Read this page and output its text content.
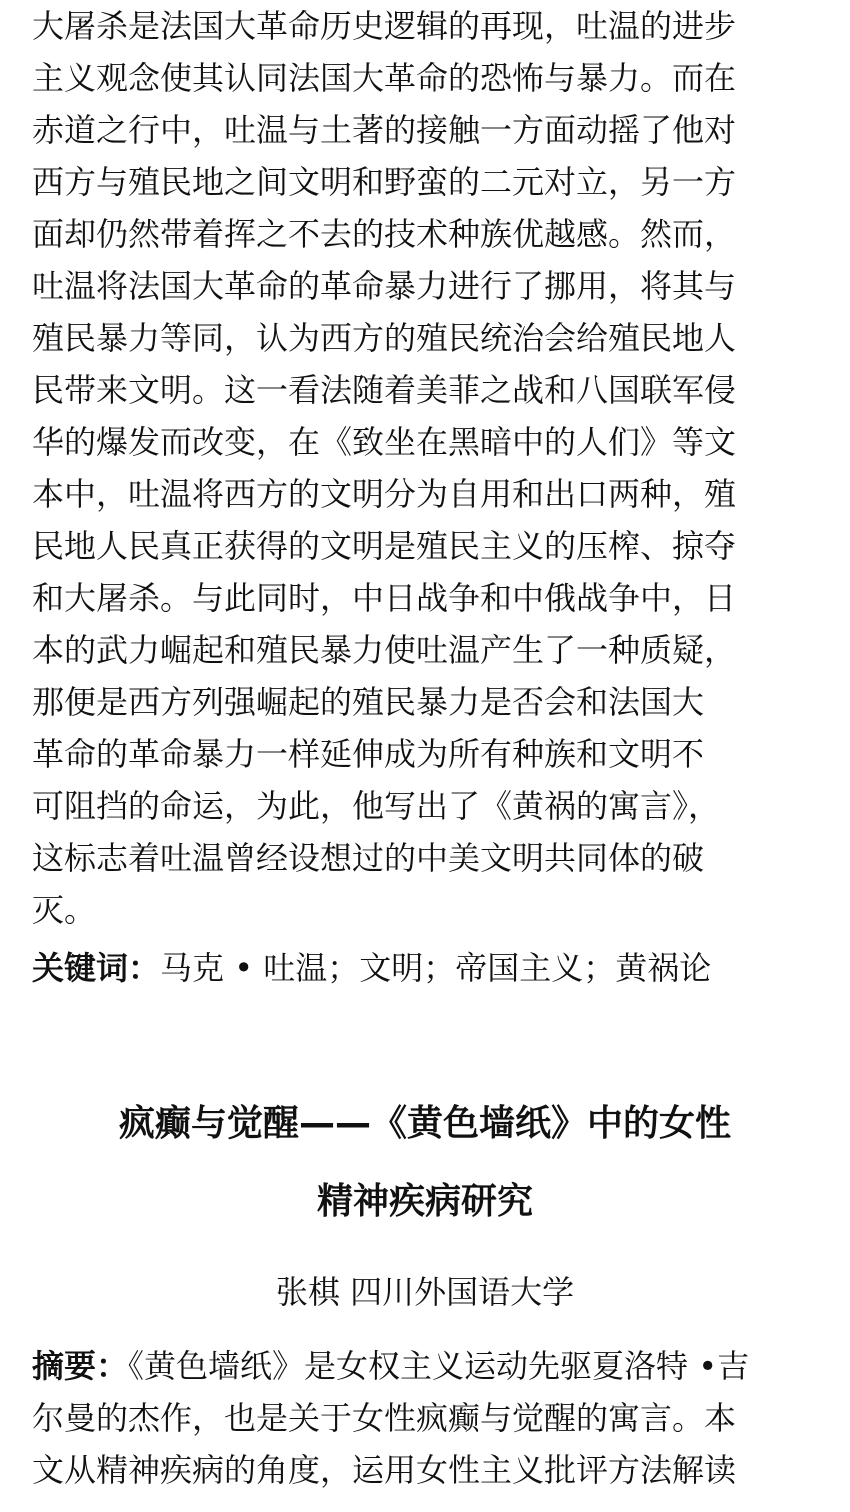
大屠杀是法国大革命历史逻辑的再现，吐温的进步
主义观念使其认同法国大革命的恐怖与暴力。而在
赤道之行中，吐温与土著的接触一方面动摇了他对
西方与殖民地之间文明和野蛮的二元对立，另一方
面却仍然带着挥之不去的技术种族优越感。然而，
吐温将法国大革命的革命暴力进行了挪用，将其与
殖民暴力等同，认为西方的殖民统治会给殖民地人
民带来文明。这一看法随着美菲之战和八国联军侵
华的爆发而改变，在《致坐在黑暗中的人们》等文
本中，吐温将西方的文明分为自用和出口两种，殖
民地人民真正获得的文明是殖民主义的压榨、掠夺
和大屠杀。与此同时，中日战争和中俄战争中，日
本的武力崛起和殖民暴力使吐温产生了一种质疑，
那便是西方列强崛起的殖民暴力是否会和法国大
革命的革命暴力一样延伸成为所有种族和文明不
可阻挡的命运，为此，他写出了《黄祸的寓言》，
这标志着吐温曾经设想过的中美文明共同体的破
灭。
关键词：马克 • 吐温；文明；帝国主义；黄祸论
疯癫与觉醒——《黄色墙纸》中的女性
精神疾病研究
张棋 四川外国语大学
摘要：《黄色墙纸》是女权主义运动先驱夏洛特 •吉
尔曼的杰作，也是关于女性疯癫与觉醒的寓言。本
文从精神疾病的角度，运用女性主义批评方法解读
